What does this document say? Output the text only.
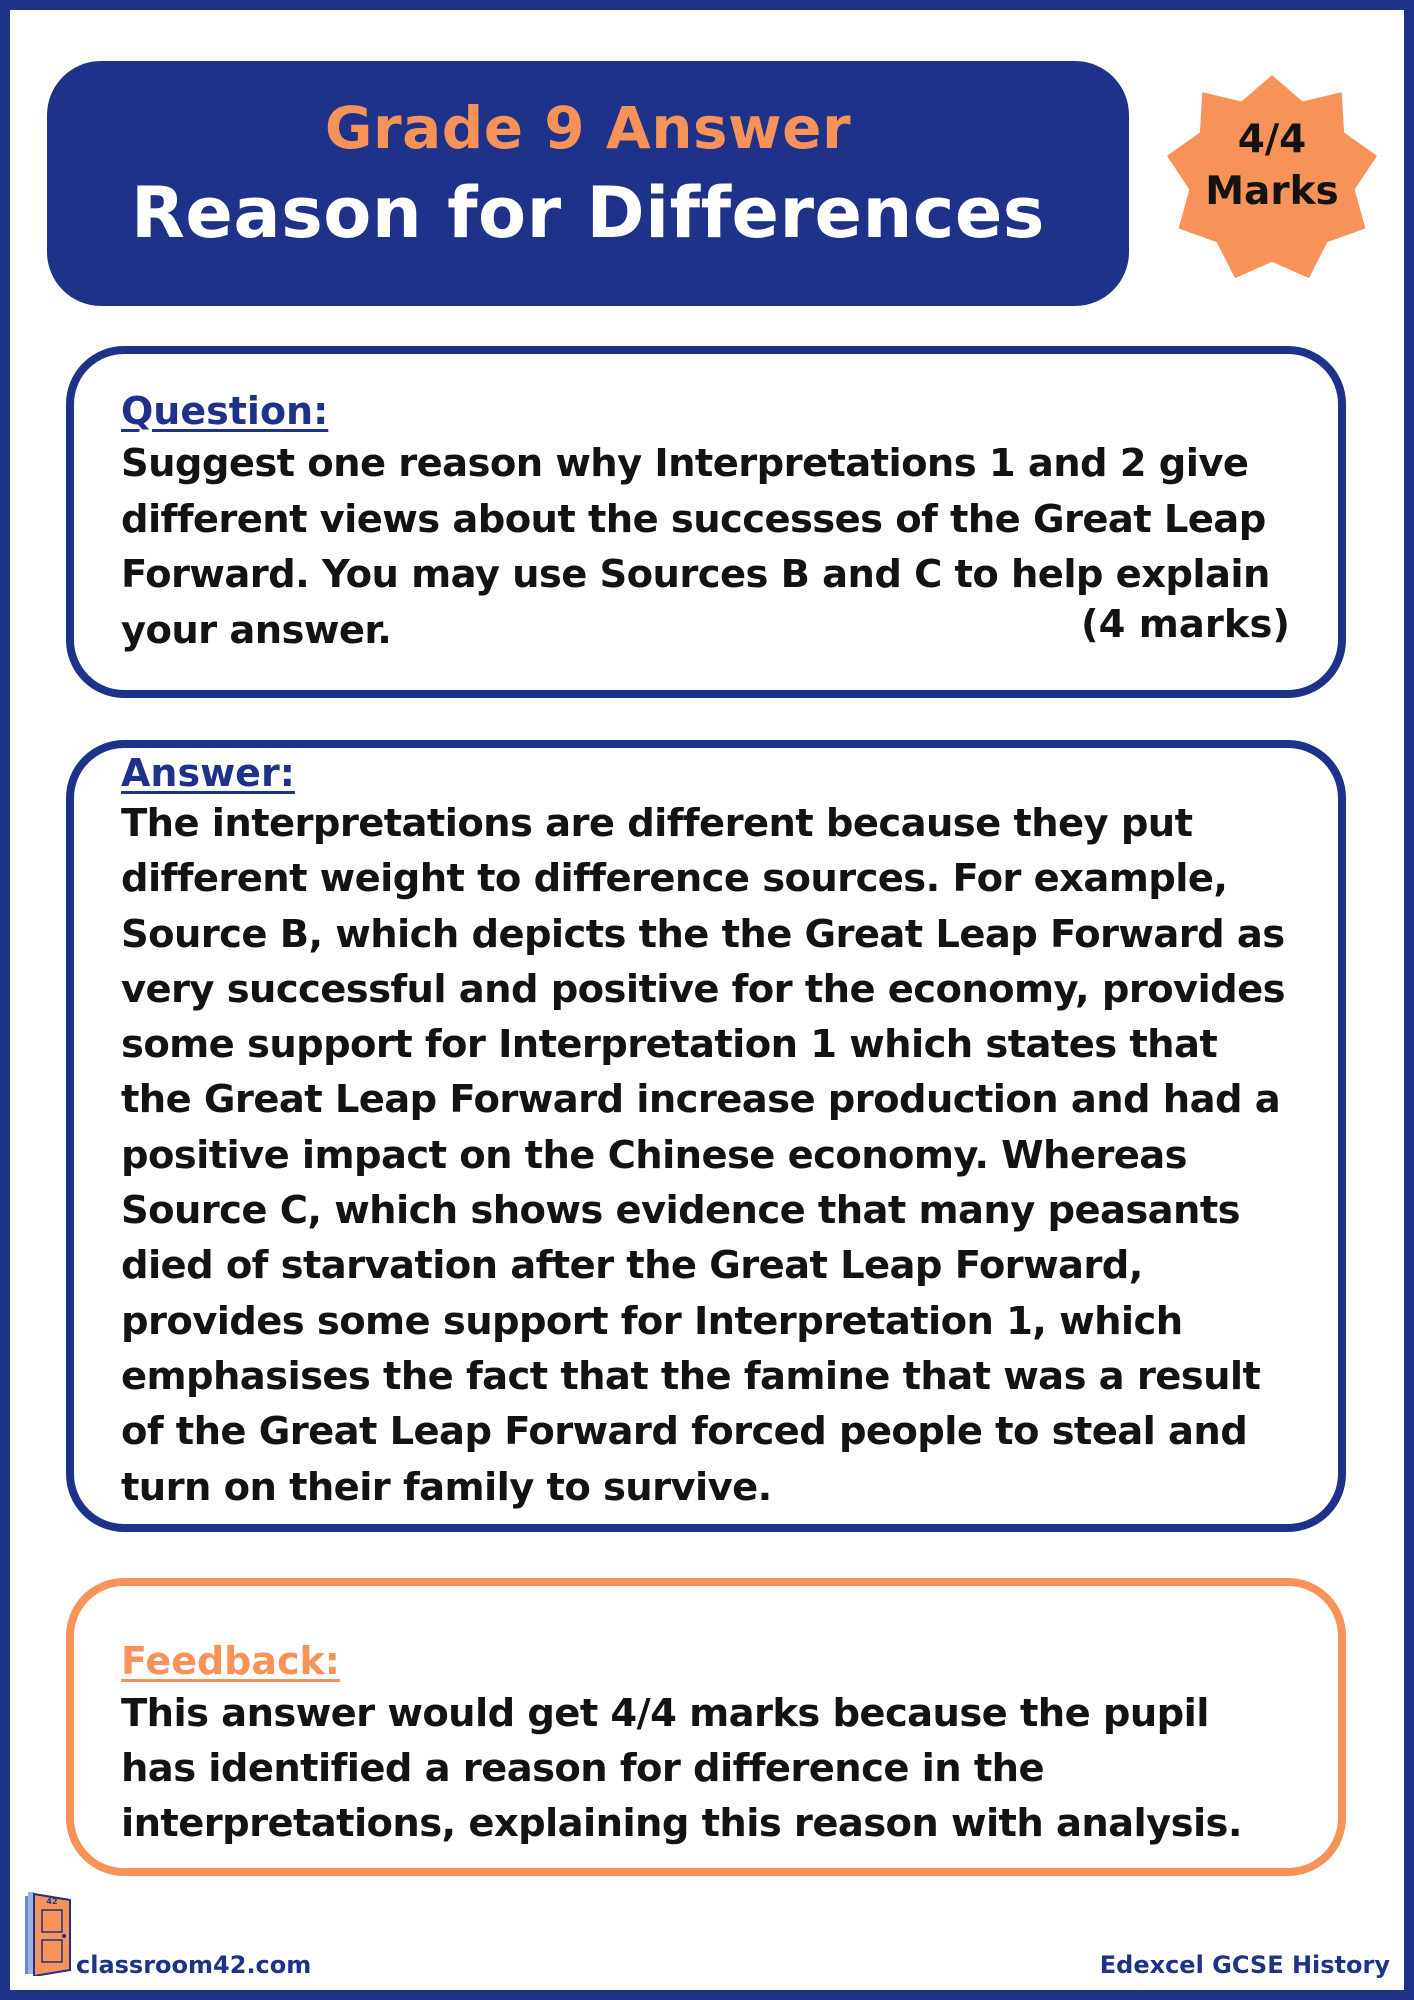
Grade 9 Answer
Reason for Differences
4/4
Marks
Question:
Suggest one reason why Interpretations 1 and 2 give different views about the successes of the Great Leap Forward. You may use Sources B and C to help explain your answer.	(4 marks)
Answer:
The interpretations are different because they put different weight to difference sources. For example, Source B, which depicts the the Great Leap Forward as very successful and positive for the economy, provides some support for Interpretation 1 which states that the Great Leap Forward increase production and had a positive impact on the Chinese economy. Whereas Source C, which shows evidence that many peasants died of starvation after the Great Leap Forward, provides some support for Interpretation 1, which emphasises the fact that the famine that was a result of the Great Leap Forward forced people to steal and turn on their family to survive.
Feedback:
This answer would get 4/4 marks because the pupil has identified a reason for difference in the interpretations, explaining this reason with analysis.
42
classroom42.com	Edexcel GCSE History
